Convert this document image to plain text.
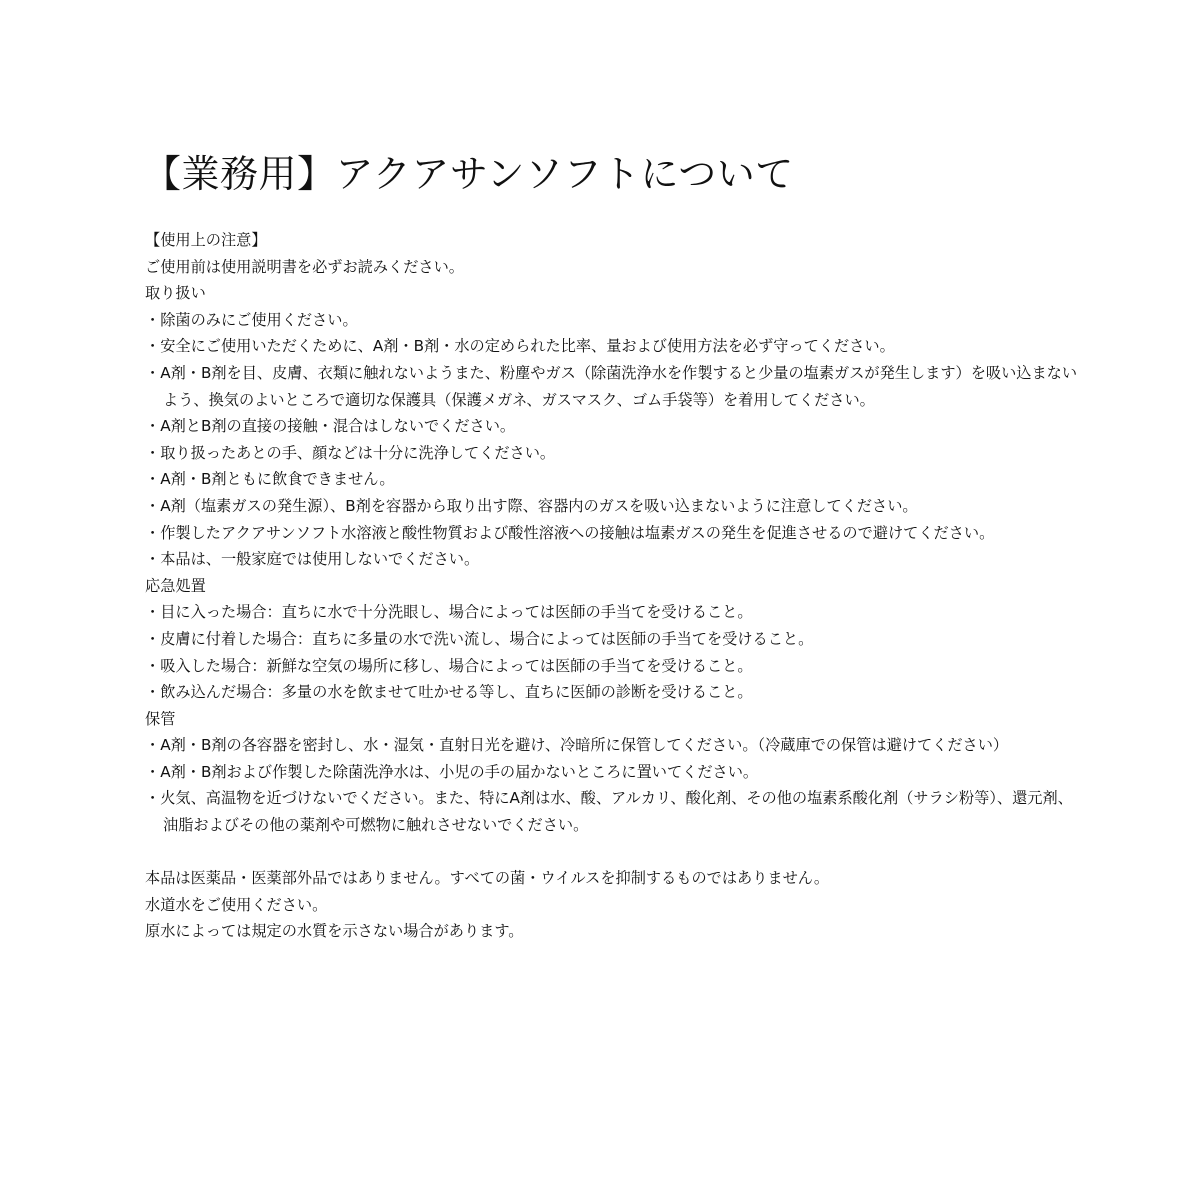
【業務用】アクアサンソフトについて

【使用上の注意】

ご使用前は使用説明書を必ずお読みください。

取り扱い

・除菌のみにご使用ください。

・安全にご使用いただくために、A剤・B剤・水の定められた比率、量および使用方法を必ず守ってください。

・A剤・B剤を目、皮膚、衣類に触れないようまた、粉塵やガス（除菌洗浄水を作製すると少量の塩素ガスが発生します）を吸い込まないよう、換気のよいところで適切な保護具（保護メガネ、ガスマスク、ゴム手袋等）を着用してください。

・A剤とB剤の直接の接触・混合はしないでください。

・取り扱ったあとの手、顔などは十分に洗浄してください。

・A剤・B剤ともに飲食できません。

・A剤（塩素ガスの発生源）、B剤を容器から取り出す際、容器内のガスを吸い込まないように注意してください。

・作製したアクアサンソフト水溶液と酸性物質および酸性溶液への接触は塩素ガスの発生を促進させるので避けてください。

・本品は、一般家庭では使用しないでください。

応急処置

・目に入った場合：直ちに水で十分洗眼し、場合によっては医師の手当てを受けること。

・皮膚に付着した場合：直ちに多量の水で洗い流し、場合によっては医師の手当てを受けること。

・吸入した場合：新鮮な空気の場所に移し、場合によっては医師の手当てを受けること。

・飲み込んだ場合：多量の水を飲ませて吐かせる等し、直ちに医師の診断を受けること。

保管

・A剤・B剤の各容器を密封し、水・湿気・直射日光を避け、冷暗所に保管してください。（冷蔵庫での保管は避けてください）

・A剤・B剤および作製した除菌洗浄水は、小児の手の届かないところに置いてください。

・火気、高温物を近づけないでください。また、特にA剤は水、酸、アルカリ、酸化剤、その他の塩素系酸化剤（サラシ粉等）、還元剤、油脂およびその他の薬剤や可燃物に触れさせないでください。

本品は医薬品・医薬部外品ではありません。すべての菌・ウイルスを抑制するものではありません。

水道水をご使用ください。

原水によっては規定の水質を示さない場合があります。
